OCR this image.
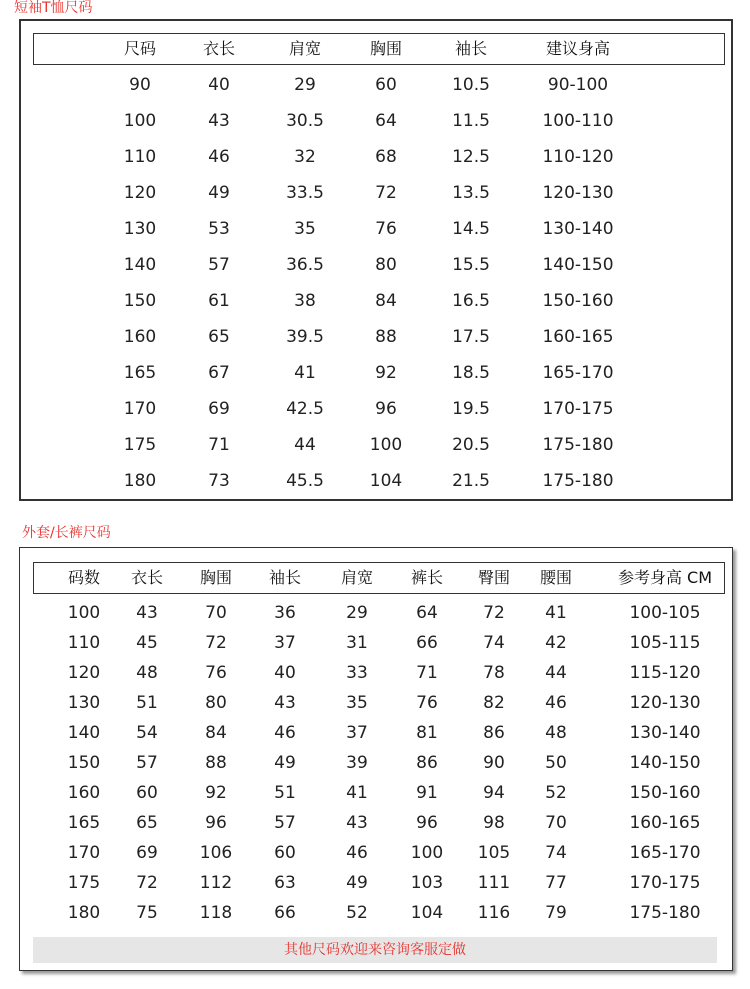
短袖T恤尺码
尺码	衣长	肩宽	胸围	袖长	建议身高
90	40	29	60	10.5	90-100
100	43	30.5	64	11.5	100-110
110	46	32	68	12.5	110-120
120	49	33.5	72	13.5	120-130
130	53	35	76	14.5	130-140
140	57	36.5	80	15.5	140-150
150	61	38	84	16.5	150-160
160	65	39.5	88	17.5	160-165
165	67	41	92	18.5	165-170
170	69	42.5	96	19.5	170-175
175	71	44	100	20.5	175-180
180	73	45.5	104	21.5	175-180
外套/长裤尺码
码数	衣长	胸围	袖长	肩宽	裤长	臀围	腰围	参考身高 CM
100	43	70	36	29	64	72	41	100-105
110	45	72	37	31	66	74	42	105-115
120	48	76	40	33	71	78	44	115-120
130	51	80	43	35	76	82	46	120-130
140	54	84	46	37	81	86	48	130-140
150	57	88	49	39	86	90	50	140-150
160	60	92	51	41	91	94	52	150-160
165	65	96	57	43	96	98	70	160-165
170	69	106	60	46	100	105	74	165-170
175	72	112	63	49	103	111	77	170-175
180	75	118	66	52	104	116	79	175-180
其他尺码欢迎来咨询客服定做
